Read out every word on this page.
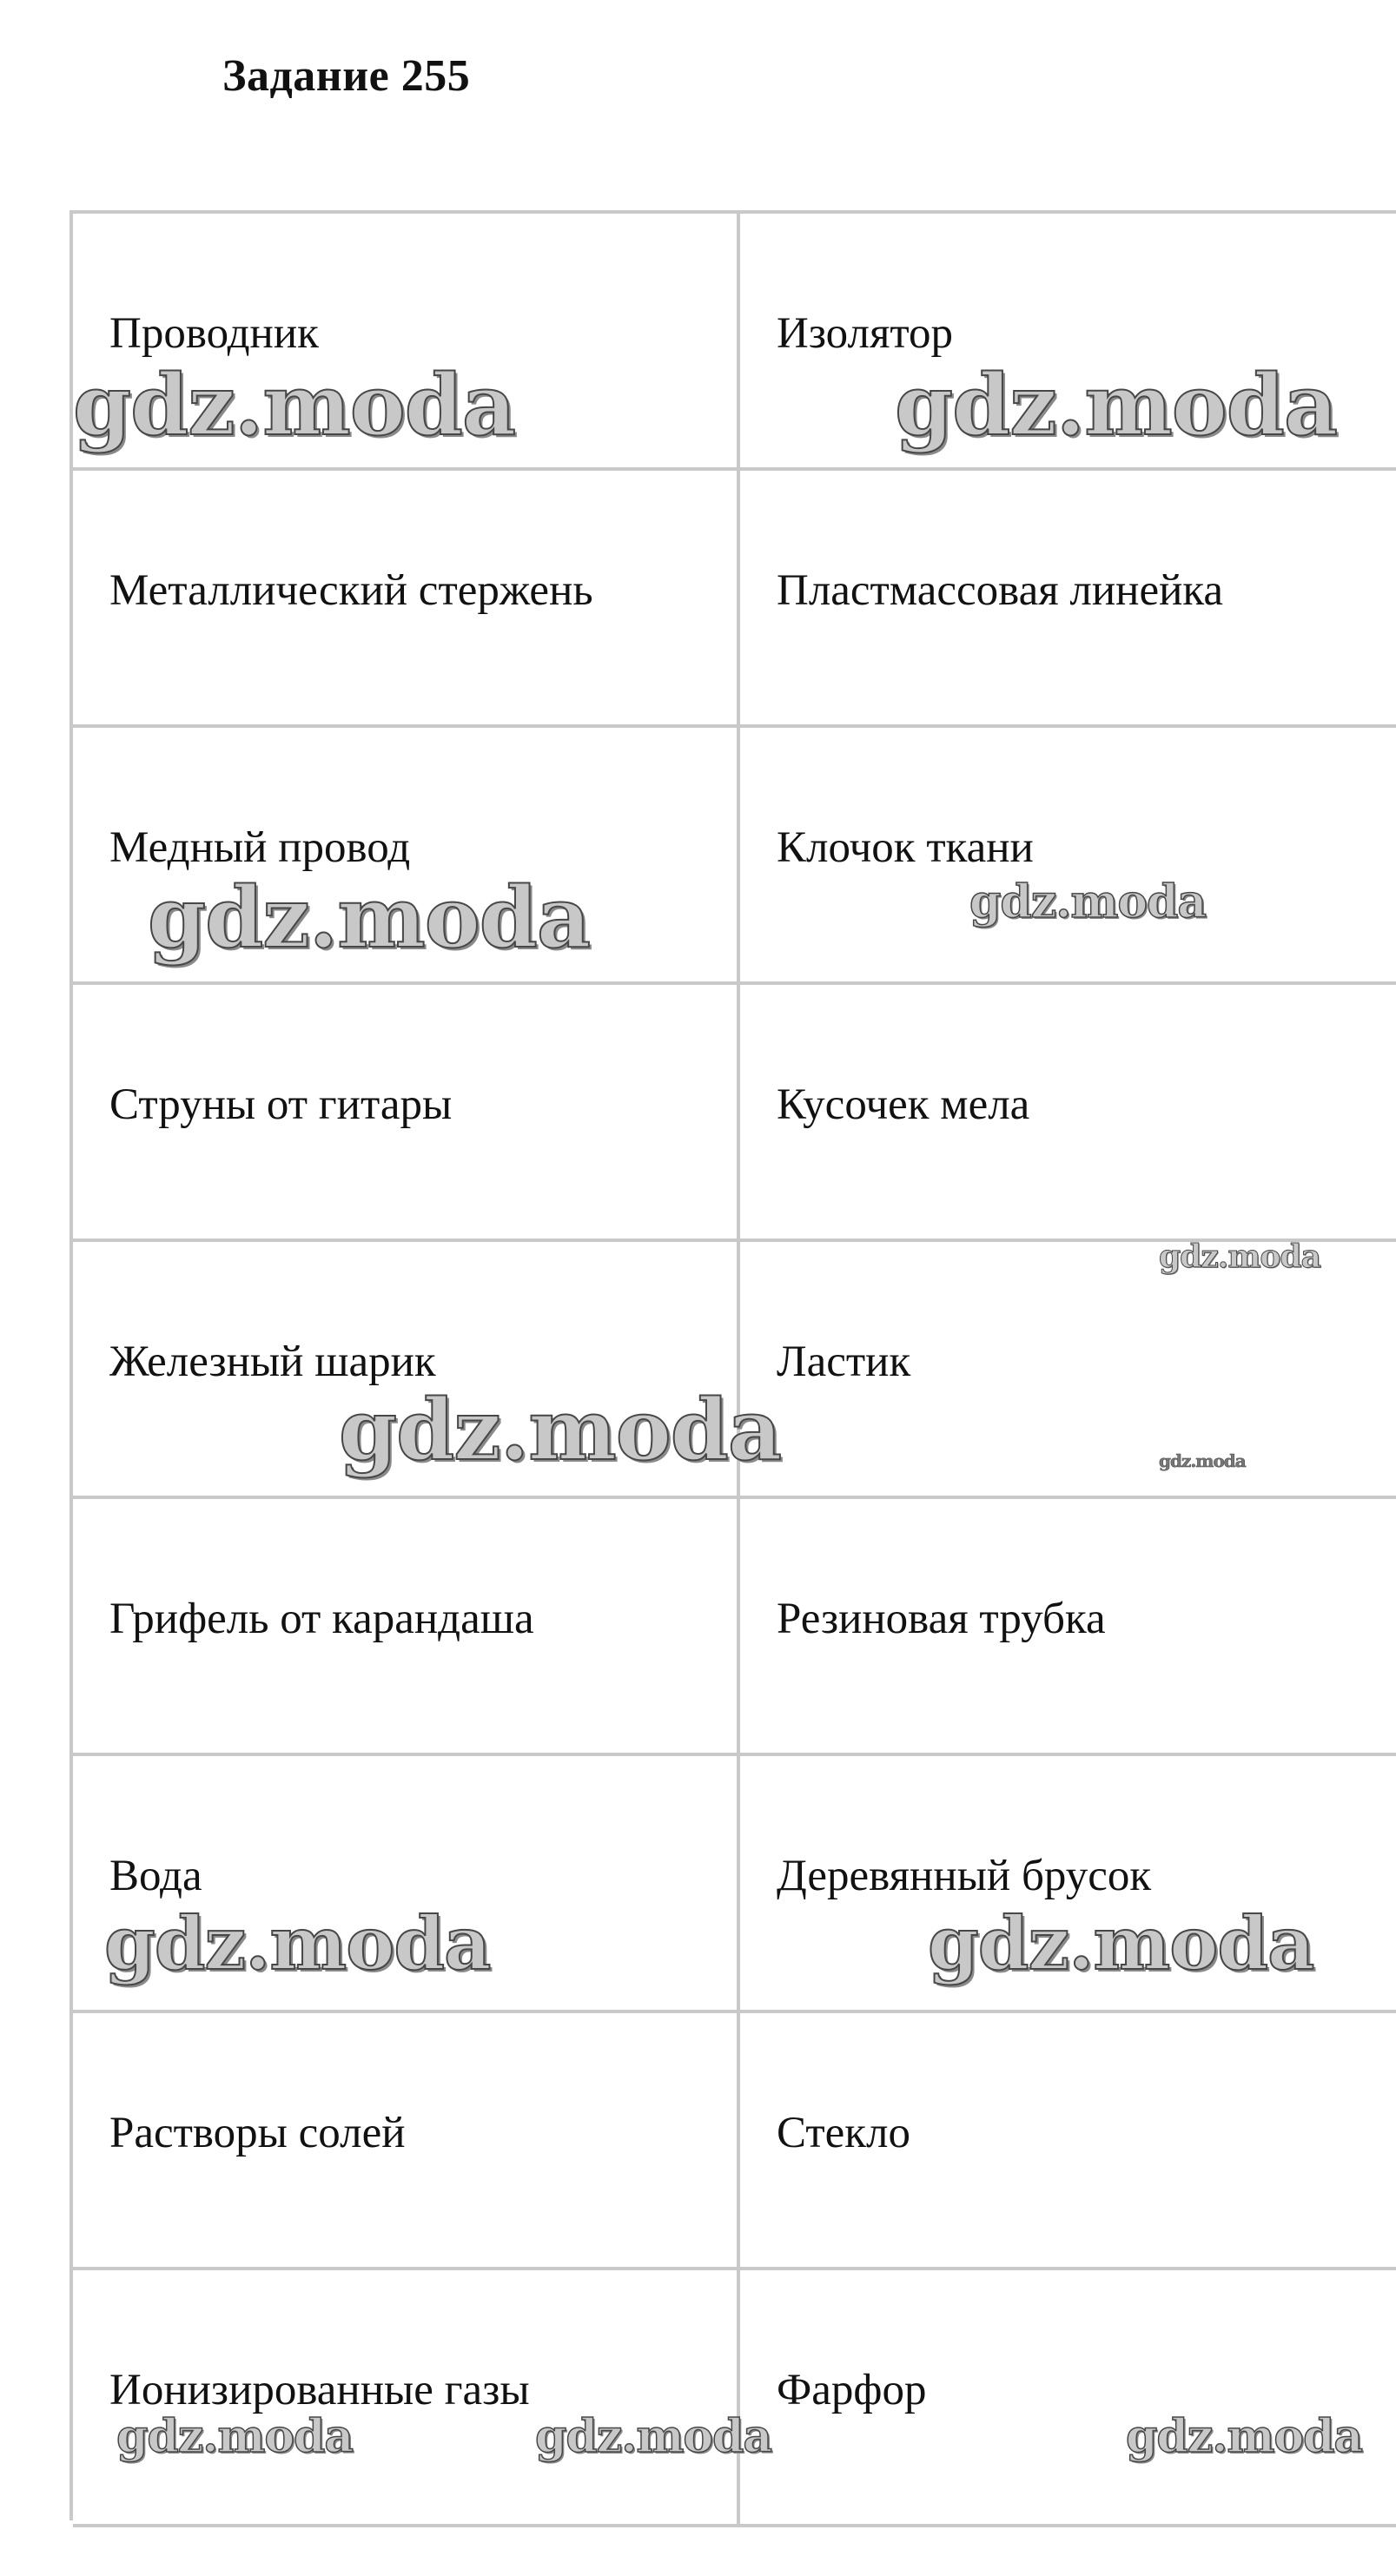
Задание 255
Проводник	Изолятор
Металлический стержень	Пластмассовая линейка
Медный провод	Клочок ткани
Струны от гитары	Кусочек мела
Железный шарик	Ластик
Грифель от карандаша	Резиновая трубка
Вода	Деревянный брусок
Растворы солей	Стекло
Ионизированные газы	Фарфор
gdz.moda	gdz.moda
gdz.moda	gdz.moda
gdz.moda
gdz.moda	gdz.moda
gdz.moda	gdz.moda
gdz.moda	gdz.moda	gdz.moda
